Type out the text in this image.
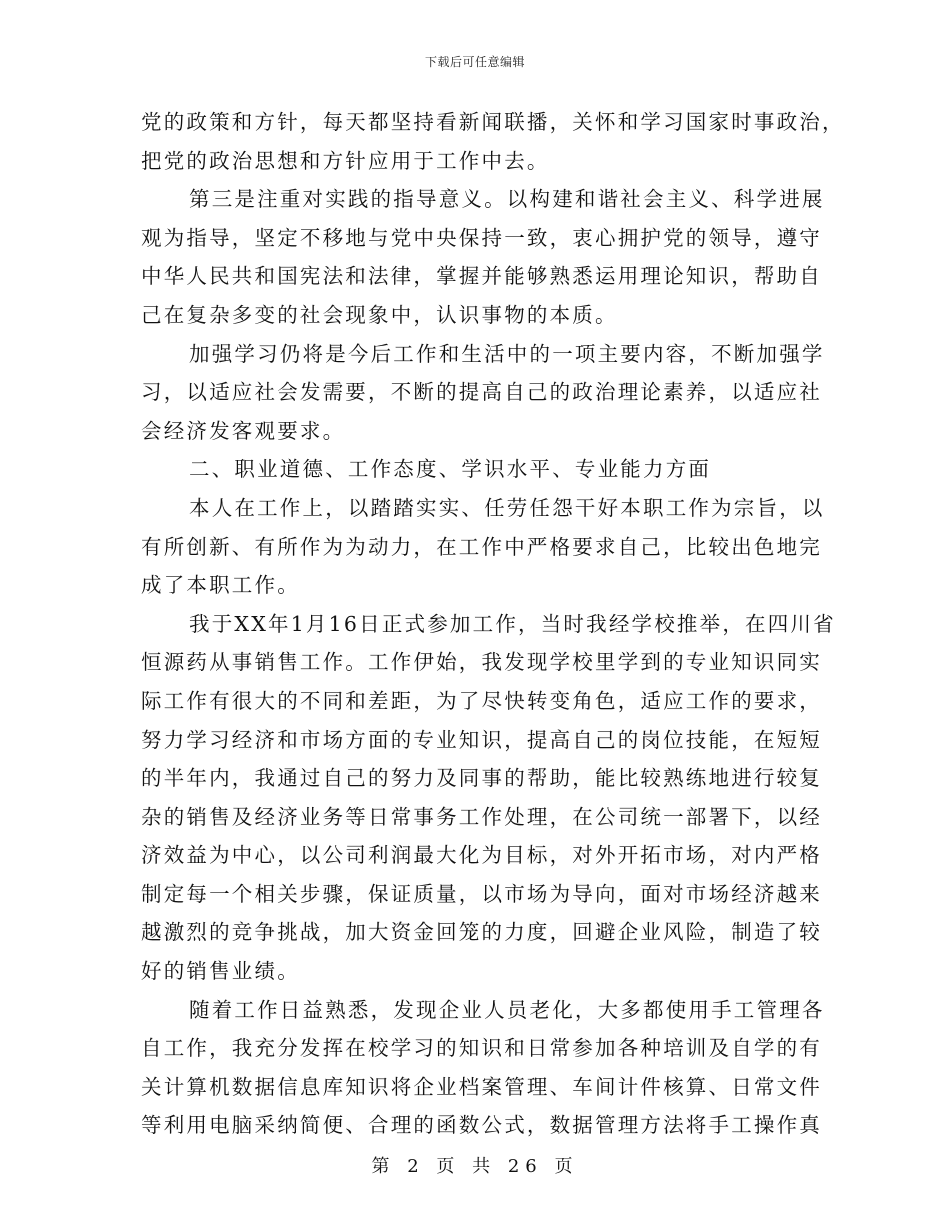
下载后可任意编辑
党的政策和方针，每天都坚持看新闻联播，关怀和学习国家时事政治，
把党的政治思想和方针应用于工作中去。
第三是注重对实践的指导意义。以构建和谐社会主义、科学进展
观为指导，坚定不移地与党中央保持一致，衷心拥护党的领导，遵守
中华人民共和国宪法和法律，掌握并能够熟悉运用理论知识，帮助自
己在复杂多变的社会现象中，认识事物的本质。
加强学习仍将是今后工作和生活中的一项主要内容，不断加强学
习，以适应社会发需要，不断的提高自己的政治理论素养，以适应社
会经济发客观要求。
二、职业道德、工作态度、学识水平、专业能力方面
本人在工作上，以踏踏实实、任劳任怨干好本职工作为宗旨，以
有所创新、有所作为为动力，在工作中严格要求自己，比较出色地完
成了本职工作。
我于XX年1月16日正式参加工作，当时我经学校推举，在四川省
恒源药从事销售工作。工作伊始，我发现学校里学到的专业知识同实
际工作有很大的不同和差距，为了尽快转变角色，适应工作的要求，
努力学习经济和市场方面的专业知识，提高自己的岗位技能，在短短
的半年内，我通过自己的努力及同事的帮助，能比较熟练地进行较复
杂的销售及经济业务等日常事务工作处理，在公司统一部署下，以经
济效益为中心，以公司利润最大化为目标，对外开拓市场，对内严格
制定每一个相关步骤，保证质量，以市场为导向，面对市场经济越来
越激烈的竞争挑战，加大资金回笼的力度，回避企业风险，制造了较
好的销售业绩。
随着工作日益熟悉，发现企业人员老化，大多都使用手工管理各
自工作，我充分发挥在校学习的知识和日常参加各种培训及自学的有
关计算机数据信息库知识将企业档案管理、车间计件核算、日常文件
等利用电脑采纳简便、合理的函数公式，数据管理方法将手工操作真
第 2 页 共 26 页
